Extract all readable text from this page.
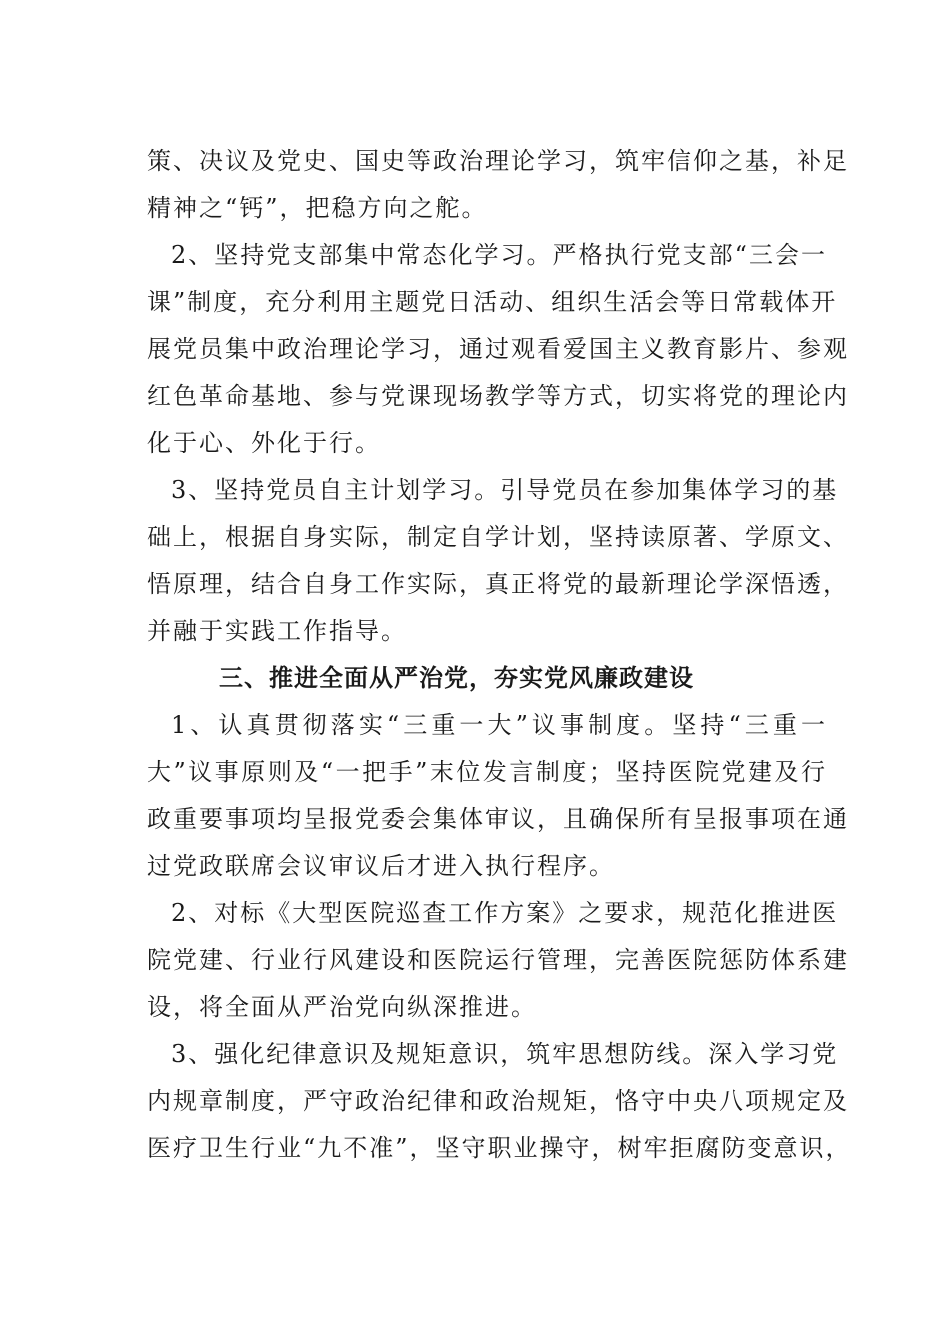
策、决议及党史、国史等政治理论学习，筑牢信仰之基，补足
精神之“钙”，把稳方向之舵。
2、坚持党支部集中常态化学习。严格执行党支部“三会一
课”制度，充分利用主题党日活动、组织生活会等日常载体开
展党员集中政治理论学习，通过观看爱国主义教育影片、参观
红色革命基地、参与党课现场教学等方式，切实将党的理论内
化于心、外化于行。
3、坚持党员自主计划学习。引导党员在参加集体学习的基
础上，根据自身实际，制定自学计划，坚持读原著、学原文、
悟原理，结合自身工作实际，真正将党的最新理论学深悟透，
并融于实践工作指导。
三、推进全面从严治党，夯实党风廉政建设
1、认真贯彻落实“三重一大”议事制度。坚持“三重一
大”议事原则及“一把手”末位发言制度；坚持医院党建及行
政重要事项均呈报党委会集体审议，且确保所有呈报事项在通
过党政联席会议审议后才进入执行程序。
2、对标《大型医院巡查工作方案》之要求，规范化推进医
院党建、行业行风建设和医院运行管理，完善医院惩防体系建
设，将全面从严治党向纵深推进。
3、强化纪律意识及规矩意识，筑牢思想防线。深入学习党
内规章制度，严守政治纪律和政治规矩，恪守中央八项规定及
医疗卫生行业“九不准”，坚守职业操守，树牢拒腐防变意识，
